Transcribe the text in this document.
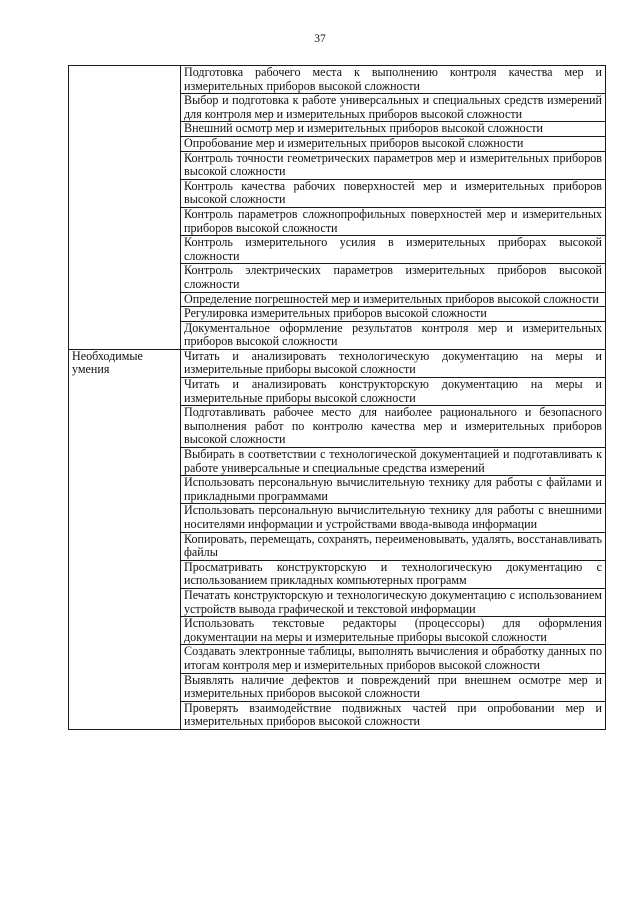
37
	Подготовка рабочего места к выполнению контроля качества мер и измерительных приборов высокой сложности
	Выбор и подготовка к работе универсальных и специальных средств измерений для контроля мер и измерительных приборов высокой сложности
	Внешний осмотр мер и измерительных приборов высокой сложности
	Опробование мер и измерительных приборов высокой сложности
	Контроль точности геометрических параметров мер и измерительных приборов высокой сложности
	Контроль качества рабочих поверхностей мер и измерительных приборов высокой сложности
	Контроль параметров сложнопрофильных поверхностей мер и измерительных приборов высокой сложности
	Контроль измерительного усилия в измерительных приборах высокой сложности
	Контроль электрических параметров измерительных приборов высокой сложности
	Определение погрешностей мер и измерительных приборов высокой сложности
	Регулировка измерительных приборов высокой сложности
	Документальное оформление результатов контроля мер и измерительных приборов высокой сложности

Необходимые умения	Читать и анализировать технологическую документацию на меры и измерительные приборы высокой сложности
	Читать и анализировать конструкторскую документацию на меры и измерительные приборы высокой сложности
	Подготавливать рабочее место для наиболее рационального и безопасного выполнения работ по контролю качества мер и измерительных приборов высокой сложности
	Выбирать в соответствии с технологической документацией и подготавливать к работе универсальные и специальные средства измерений
	Использовать персональную вычислительную технику для работы с файлами и прикладными программами
	Использовать персональную вычислительную технику для работы с внешними носителями информации и устройствами ввода-вывода информации
	Копировать, перемещать, сохранять, переименовывать, удалять, восстанавливать файлы
	Просматривать конструкторскую и технологическую документацию с использованием прикладных компьютерных программ
	Печатать конструкторскую и технологическую документацию с использованием устройств вывода графической и текстовой информации
	Использовать текстовые редакторы (процессоры) для оформления документации на меры и измерительные приборы высокой сложности
	Создавать электронные таблицы, выполнять вычисления и обработку данных по итогам контроля мер и измерительных приборов высокой сложности
	Выявлять наличие дефектов и повреждений при внешнем осмотре мер и измерительных приборов высокой сложности
	Проверять взаимодействие подвижных частей при опробовании мер и измерительных приборов высокой сложности
